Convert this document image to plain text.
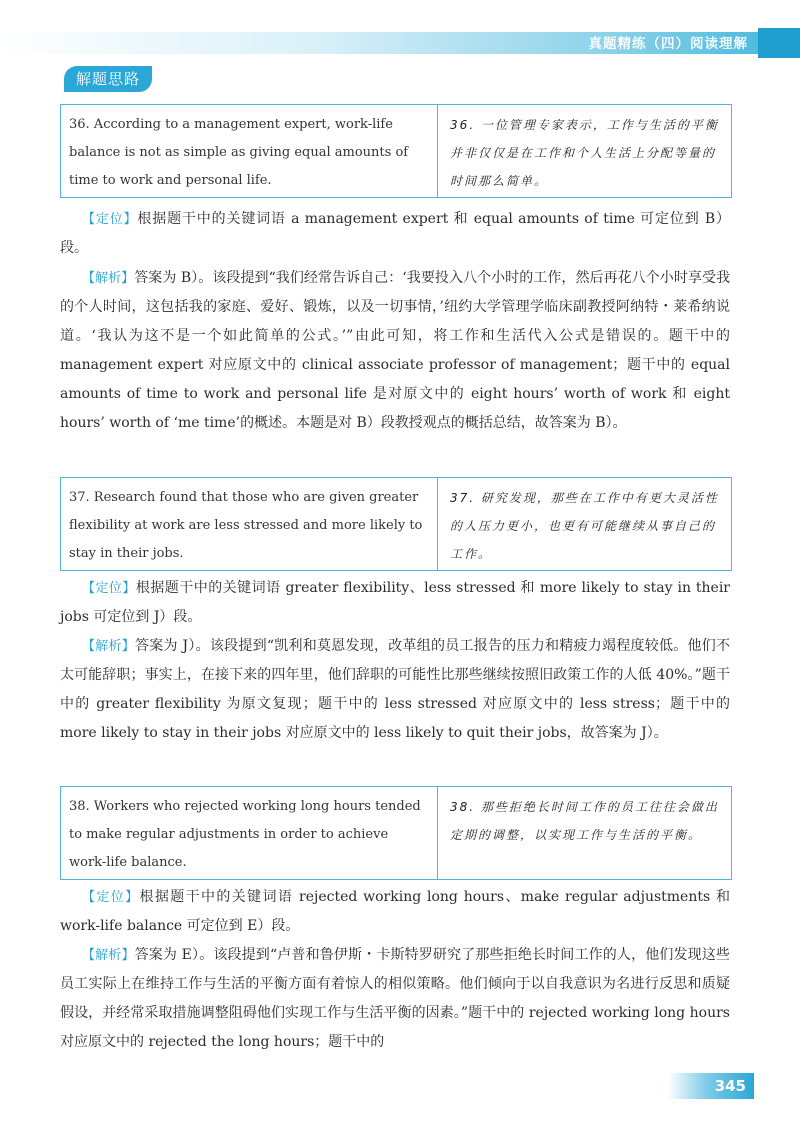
真题精练（四）阅读理解
解题思路
36. According to a management expert, work-life balance is not as simple as giving equal amounts of time to work and personal life.
36. 一位管理专家表示，工作与生活的平衡并非仅仅是在工作和个人生活上分配等量的时间那么简单。
【定位】根据题干中的关键词语 a management expert 和 equal amounts of time 可定位到 B）段。
【解析】答案为 B）。该段提到“我们经常告诉自己：‘我要投入八个小时的工作，然后再花八个小时享受我的个人时间，这包括我的家庭、爱好、锻炼，以及一切事情，’纽约大学管理学临床副教授阿纳特・莱希纳说道。‘我认为这不是一个如此简单的公式。’”由此可知，将工作和生活代入公式是错误的。题干中的 management expert 对应原文中的 clinical associate professor of management；题干中的 equal amounts of time to work and personal life 是对原文中的 eight hours’ worth of work 和 eight hours’ worth of ‘me time’的概述。本题是对 B）段教授观点的概括总结，故答案为 B）。
37. Research found that those who are given greater flexibility at work are less stressed and more likely to stay in their jobs.
37. 研究发现，那些在工作中有更大灵活性的人压力更小，也更有可能继续从事自己的工作。
【定位】根据题干中的关键词语 greater flexibility、less stressed 和 more likely to stay in their jobs 可定位到 J）段。
【解析】答案为 J）。该段提到“凯利和莫恩发现，改革组的员工报告的压力和精疲力竭程度较低。他们不太可能辞职；事实上，在接下来的四年里，他们辞职的可能性比那些继续按照旧政策工作的人低 40%。”题干中的 greater flexibility 为原文复现；题干中的 less stressed 对应原文中的 less stress；题干中的 more likely to stay in their jobs 对应原文中的 less likely to quit their jobs，故答案为 J）。
38. Workers who rejected working long hours tended to make regular adjustments in order to achieve work-life balance.
38. 那些拒绝长时间工作的员工往往会做出定期的调整，以实现工作与生活的平衡。
【定位】根据题干中的关键词语 rejected working long hours、make regular adjustments 和 work-life balance 可定位到 E）段。
【解析】答案为 E）。该段提到“卢普和鲁伊斯・卡斯特罗研究了那些拒绝长时间工作的人，他们发现这些员工实际上在维持工作与生活的平衡方面有着惊人的相似策略。他们倾向于以自我意识为名进行反思和质疑假设，并经常采取措施调整阻碍他们实现工作与生活平衡的因素。”题干中的 rejected working long hours 对应原文中的 rejected the long hours；题干中的
345
